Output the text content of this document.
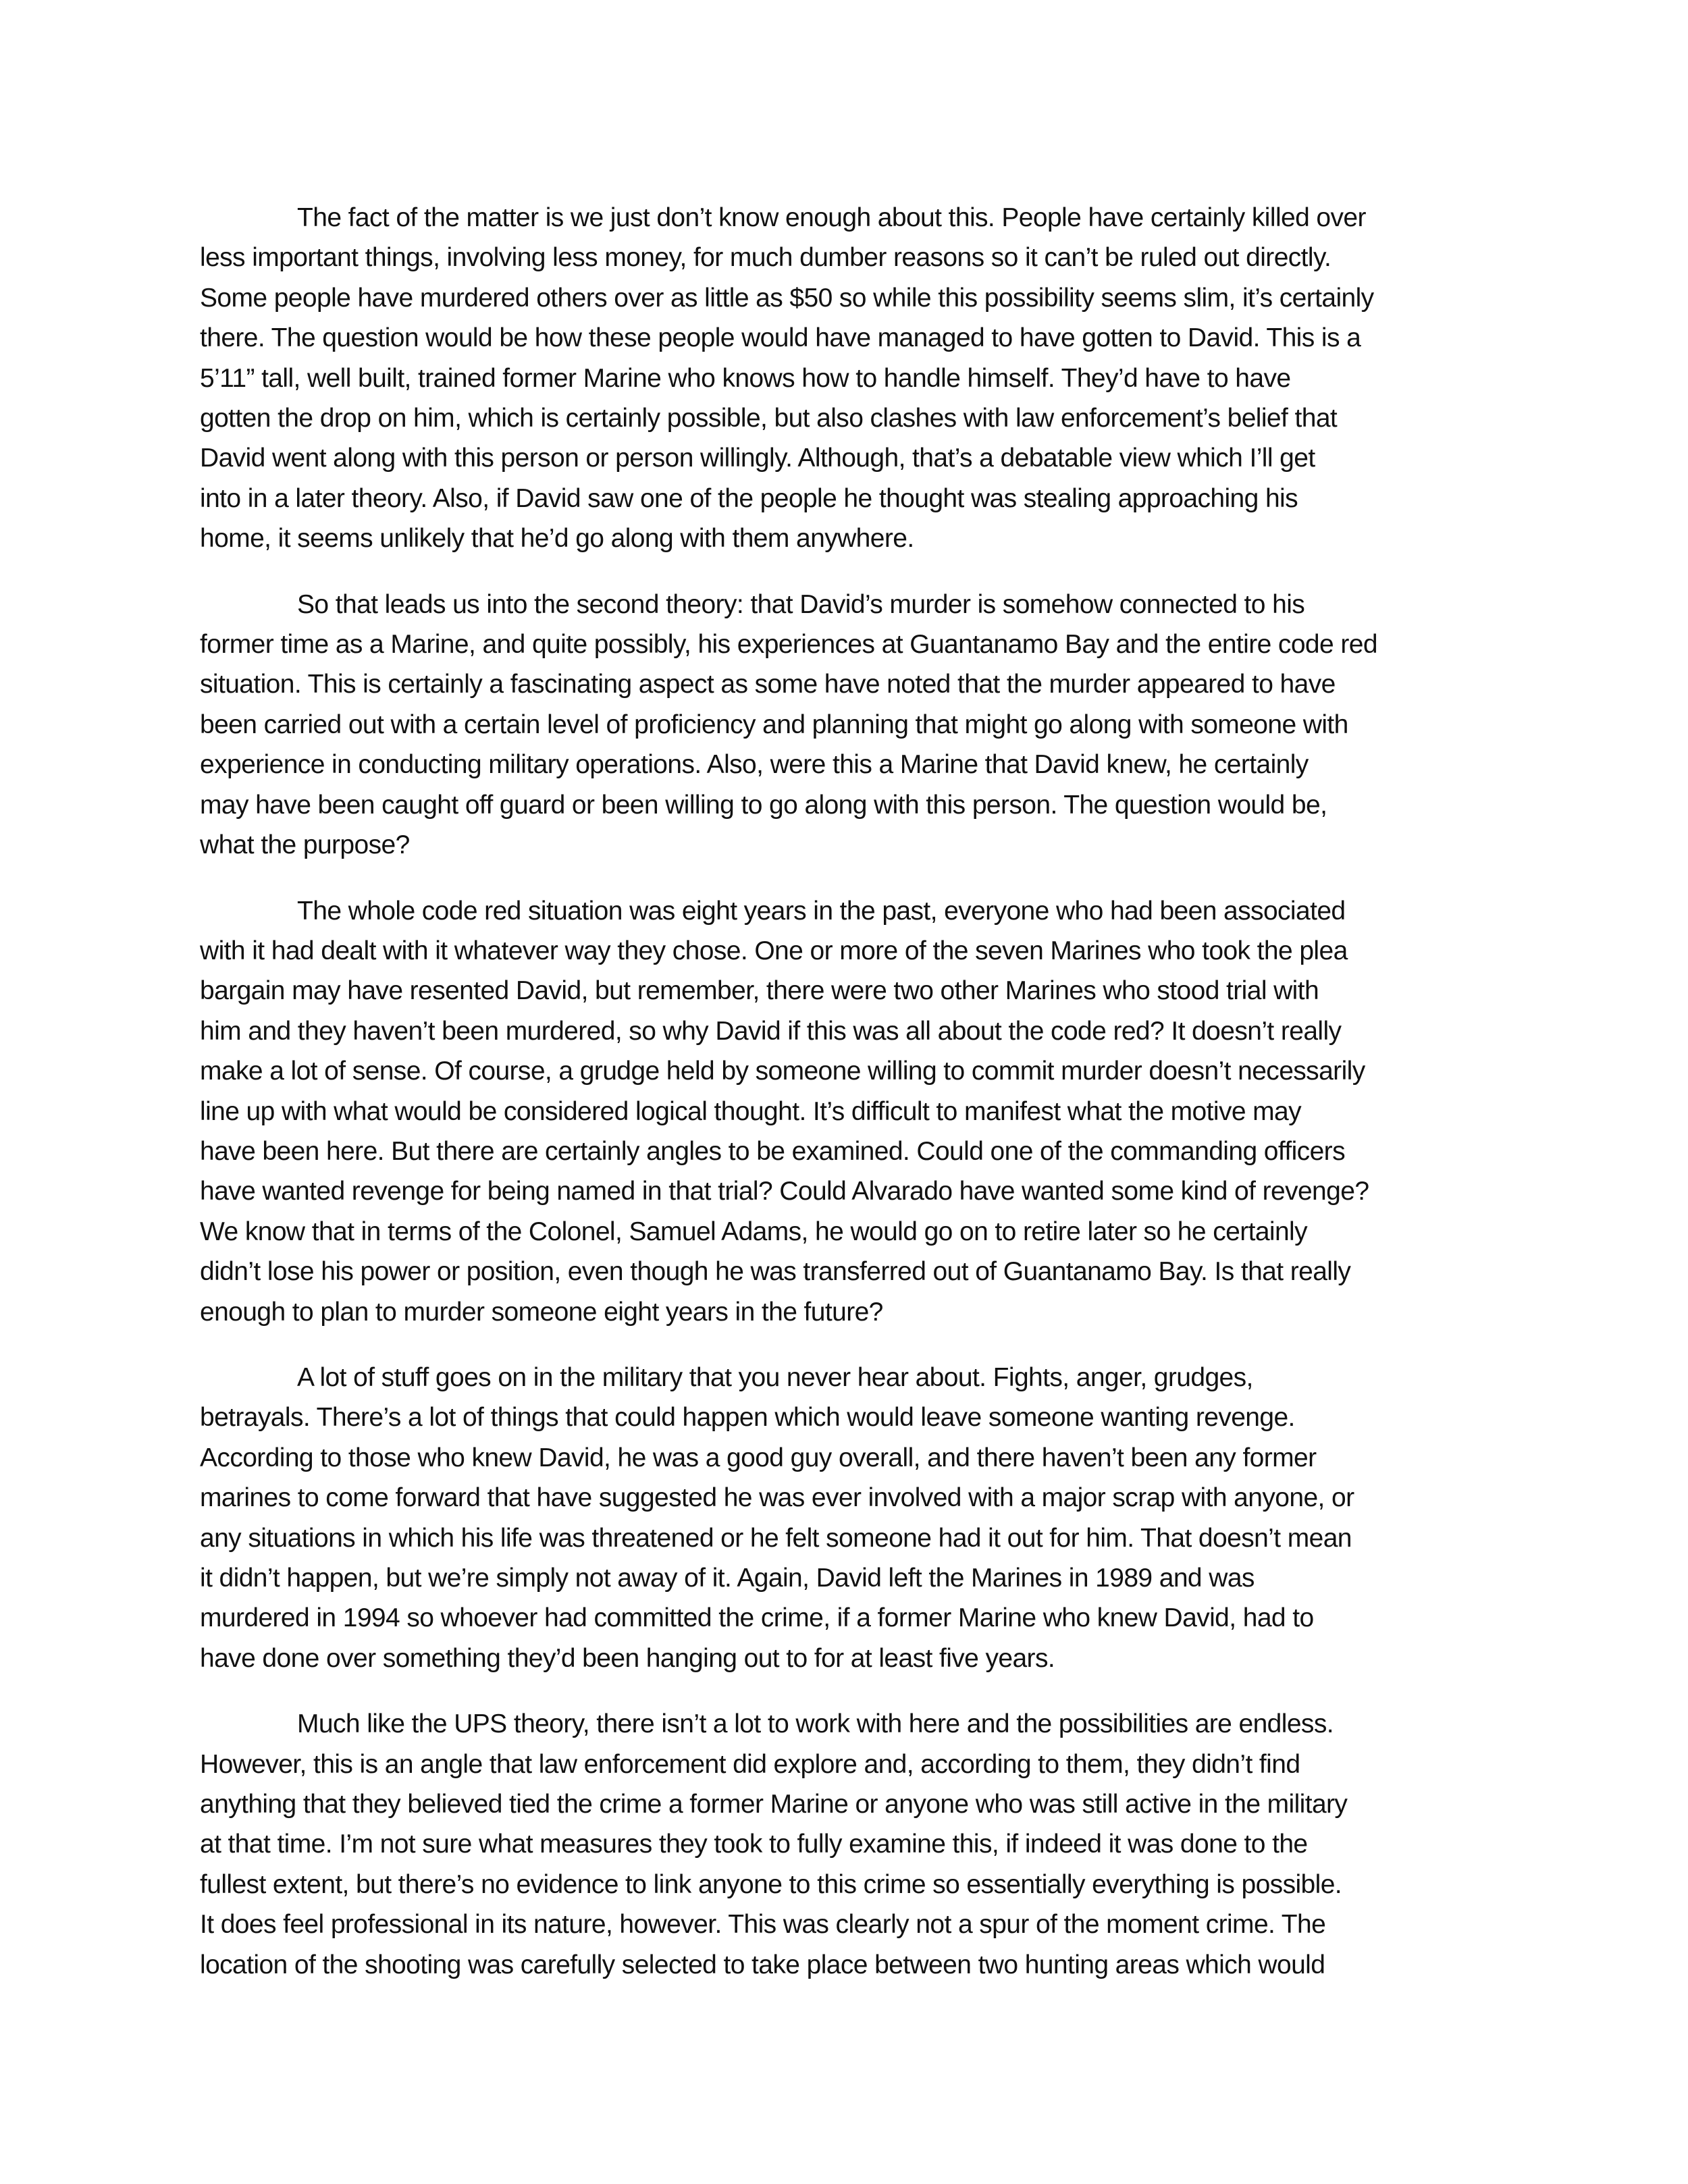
The fact of the matter is we just don’t know enough about this. People have certainly killed over
less important things, involving less money, for much dumber reasons so it can’t be ruled out directly.
Some people have murdered others over as little as $50 so while this possibility seems slim, it’s certainly
there. The question would be how these people would have managed to have gotten to David. This is a
5’11” tall, well built, trained former Marine who knows how to handle himself. They’d have to have
gotten the drop on him, which is certainly possible, but also clashes with law enforcement’s belief that
David went along with this person or person willingly. Although, that’s a debatable view which I’ll get
into in a later theory. Also, if David saw one of the people he thought was stealing approaching his
home, it seems unlikely that he’d go along with them anywhere.
So that leads us into the second theory: that David’s murder is somehow connected to his
former time as a Marine, and quite possibly, his experiences at Guantanamo Bay and the entire code red
situation. This is certainly a fascinating aspect as some have noted that the murder appeared to have
been carried out with a certain level of proficiency and planning that might go along with someone with
experience in conducting military operations. Also, were this a Marine that David knew, he certainly
may have been caught off guard or been willing to go along with this person. The question would be,
what the purpose?
The whole code red situation was eight years in the past, everyone who had been associated
with it had dealt with it whatever way they chose. One or more of the seven Marines who took the plea
bargain may have resented David, but remember, there were two other Marines who stood trial with
him and they haven’t been murdered, so why David if this was all about the code red? It doesn’t really
make a lot of sense. Of course, a grudge held by someone willing to commit murder doesn’t necessarily
line up with what would be considered logical thought. It’s difficult to manifest what the motive may
have been here. But there are certainly angles to be examined. Could one of the commanding officers
have wanted revenge for being named in that trial? Could Alvarado have wanted some kind of revenge?
We know that in terms of the Colonel, Samuel Adams, he would go on to retire later so he certainly
didn’t lose his power or position, even though he was transferred out of Guantanamo Bay. Is that really
enough to plan to murder someone eight years in the future?
A lot of stuff goes on in the military that you never hear about. Fights, anger, grudges,
betrayals. There’s a lot of things that could happen which would leave someone wanting revenge.
According to those who knew David, he was a good guy overall, and there haven’t been any former
marines to come forward that have suggested he was ever involved with a major scrap with anyone, or
any situations in which his life was threatened or he felt someone had it out for him. That doesn’t mean
it didn’t happen, but we’re simply not away of it. Again, David left the Marines in 1989 and was
murdered in 1994 so whoever had committed the crime, if a former Marine who knew David, had to
have done over something they’d been hanging out to for at least five years.
Much like the UPS theory, there isn’t a lot to work with here and the possibilities are endless.
However, this is an angle that law enforcement did explore and, according to them, they didn’t find
anything that they believed tied the crime a former Marine or anyone who was still active in the military
at that time. I’m not sure what measures they took to fully examine this, if indeed it was done to the
fullest extent, but there’s no evidence to link anyone to this crime so essentially everything is possible.
It does feel professional in its nature, however. This was clearly not a spur of the moment crime. The
location of the shooting was carefully selected to take place between two hunting areas which would
